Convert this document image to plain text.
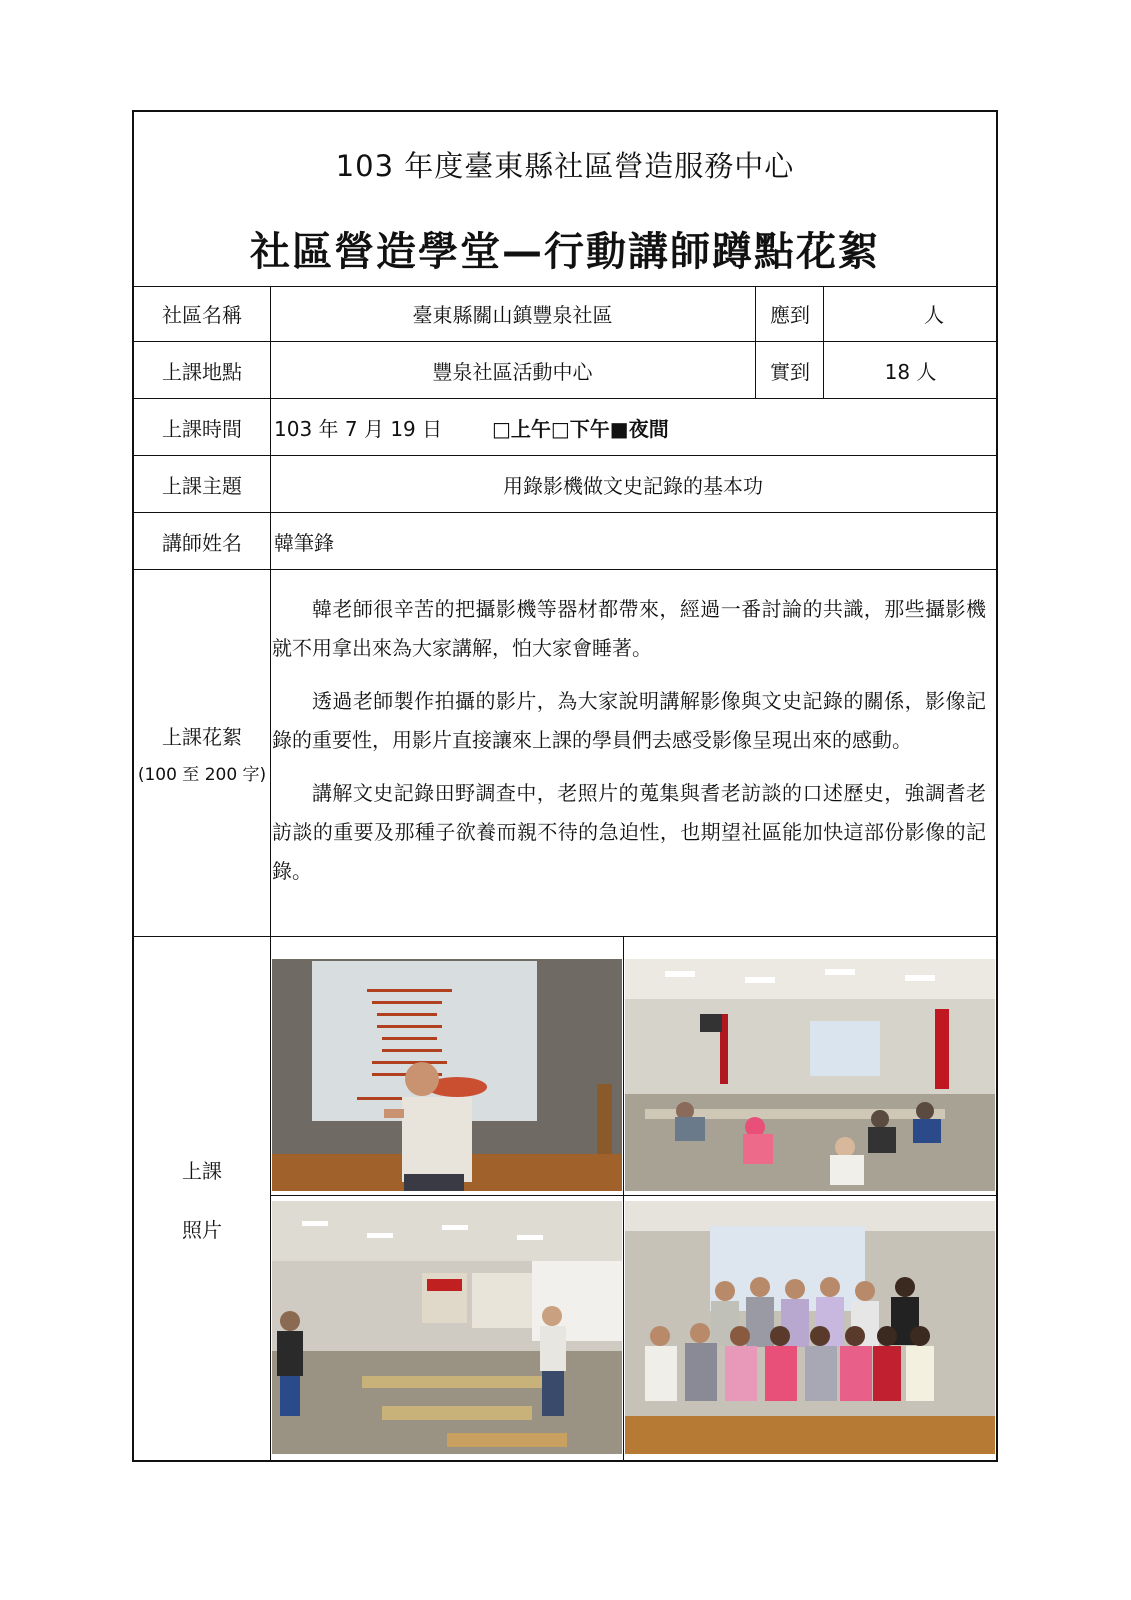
103 年度臺東縣社區營造服務中心
社區營造學堂—行動講師蹲點花絮
社區名稱	臺東縣關山鎮豐泉社區	應到	人
上課地點	豐泉社區活動中心	實到	18 人
上課時間	103 年 7 月 19 日	□上午□下午■夜間
上課主題	用錄影機做文史記錄的基本功
講師姓名	韓筆鋒
上課花絮
(100 至 200 字)

韓老師很辛苦的把攝影機等器材都帶來，經過一番討論的共識，那些攝影機就不用拿出來為大家講解，怕大家會睡著。

透過老師製作拍攝的影片，為大家說明講解影像與文史記錄的關係，影像記錄的重要性，用影片直接讓來上課的學員們去感受影像呈現出來的感動。

講解文史記錄田野調查中，老照片的蒐集與耆老訪談的口述歷史，強調耆老訪談的重要及那種子欲養而親不待的急迫性，也期望社區能加快這部份影像的記錄。

上課
照片
